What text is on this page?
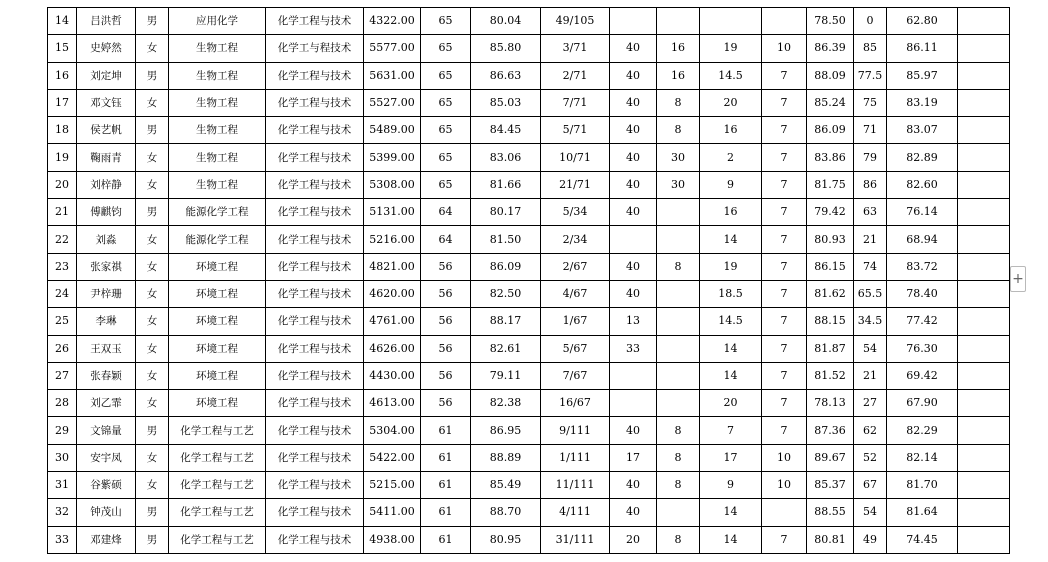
14	吕洪哲	男	应用化学	化学工程与技术	4322.00	65	80.04	49/105					78.50	0	62.80	
15	史婷然	女	生物工程	化学工与程技术	5577.00	65	85.80	3/71	40	16	19	10	86.39	85	86.11	
16	刘定坤	男	生物工程	化学工程与技术	5631.00	65	86.63	2/71	40	16	14.5	7	88.09	77.5	85.97	
17	邓文钰	女	生物工程	化学工程与技术	5527.00	65	85.03	7/71	40	8	20	7	85.24	75	83.19	
18	侯艺帆	男	生物工程	化学工程与技术	5489.00	65	84.45	5/71	40	8	16	7	86.09	71	83.07	
19	鞠雨青	女	生物工程	化学工程与技术	5399.00	65	83.06	10/71	40	30	2	7	83.86	79	82.89	
20	刘梓静	女	生物工程	化学工程与技术	5308.00	65	81.66	21/71	40	30	9	7	81.75	86	82.60	
21	傅麒钧	男	能源化学工程	化学工程与技术	5131.00	64	80.17	5/34	40		16	7	79.42	63	76.14	
22	刘淼	女	能源化学工程	化学工程与技术	5216.00	64	81.50	2/34			14	7	80.93	21	68.94	
23	张家祺	女	环境工程	化学工程与技术	4821.00	56	86.09	2/67	40	8	19	7	86.15	74	83.72	
24	尹梓珊	女	环境工程	化学工程与技术	4620.00	56	82.50	4/67	40		18.5	7	81.62	65.5	78.40	
25	李琳	女	环境工程	化学工程与技术	4761.00	56	88.17	1/67	13		14.5	7	88.15	34.5	77.42	
26	王双玉	女	环境工程	化学工程与技术	4626.00	56	82.61	5/67	33		14	7	81.87	54	76.30	
27	张春颖	女	环境工程	化学工程与技术	4430.00	56	79.11	7/67			14	7	81.52	21	69.42	
28	刘乙霏	女	环境工程	化学工程与技术	4613.00	56	82.38	16/67			20	7	78.13	27	67.90	
29	文锦量	男	化学工程与工艺	化学工程与技术	5304.00	61	86.95	9/111	40	8	7	7	87.36	62	82.29	
30	安宇凤	女	化学工程与工艺	化学工程与技术	5422.00	61	88.89	1/111	17	8	17	10	89.67	52	82.14	
31	谷紫硕	女	化学工程与工艺	化学工程与技术	5215.00	61	85.49	11/111	40	8	9	10	85.37	67	81.70	
32	钟茂山	男	化学工程与工艺	化学工程与技术	5411.00	61	88.70	4/111	40		14		88.55	54	81.64	
33	邓建烽	男	化学工程与工艺	化学工程与技术	4938.00	61	80.95	31/111	20	8	14	7	80.81	49	74.45	
+
